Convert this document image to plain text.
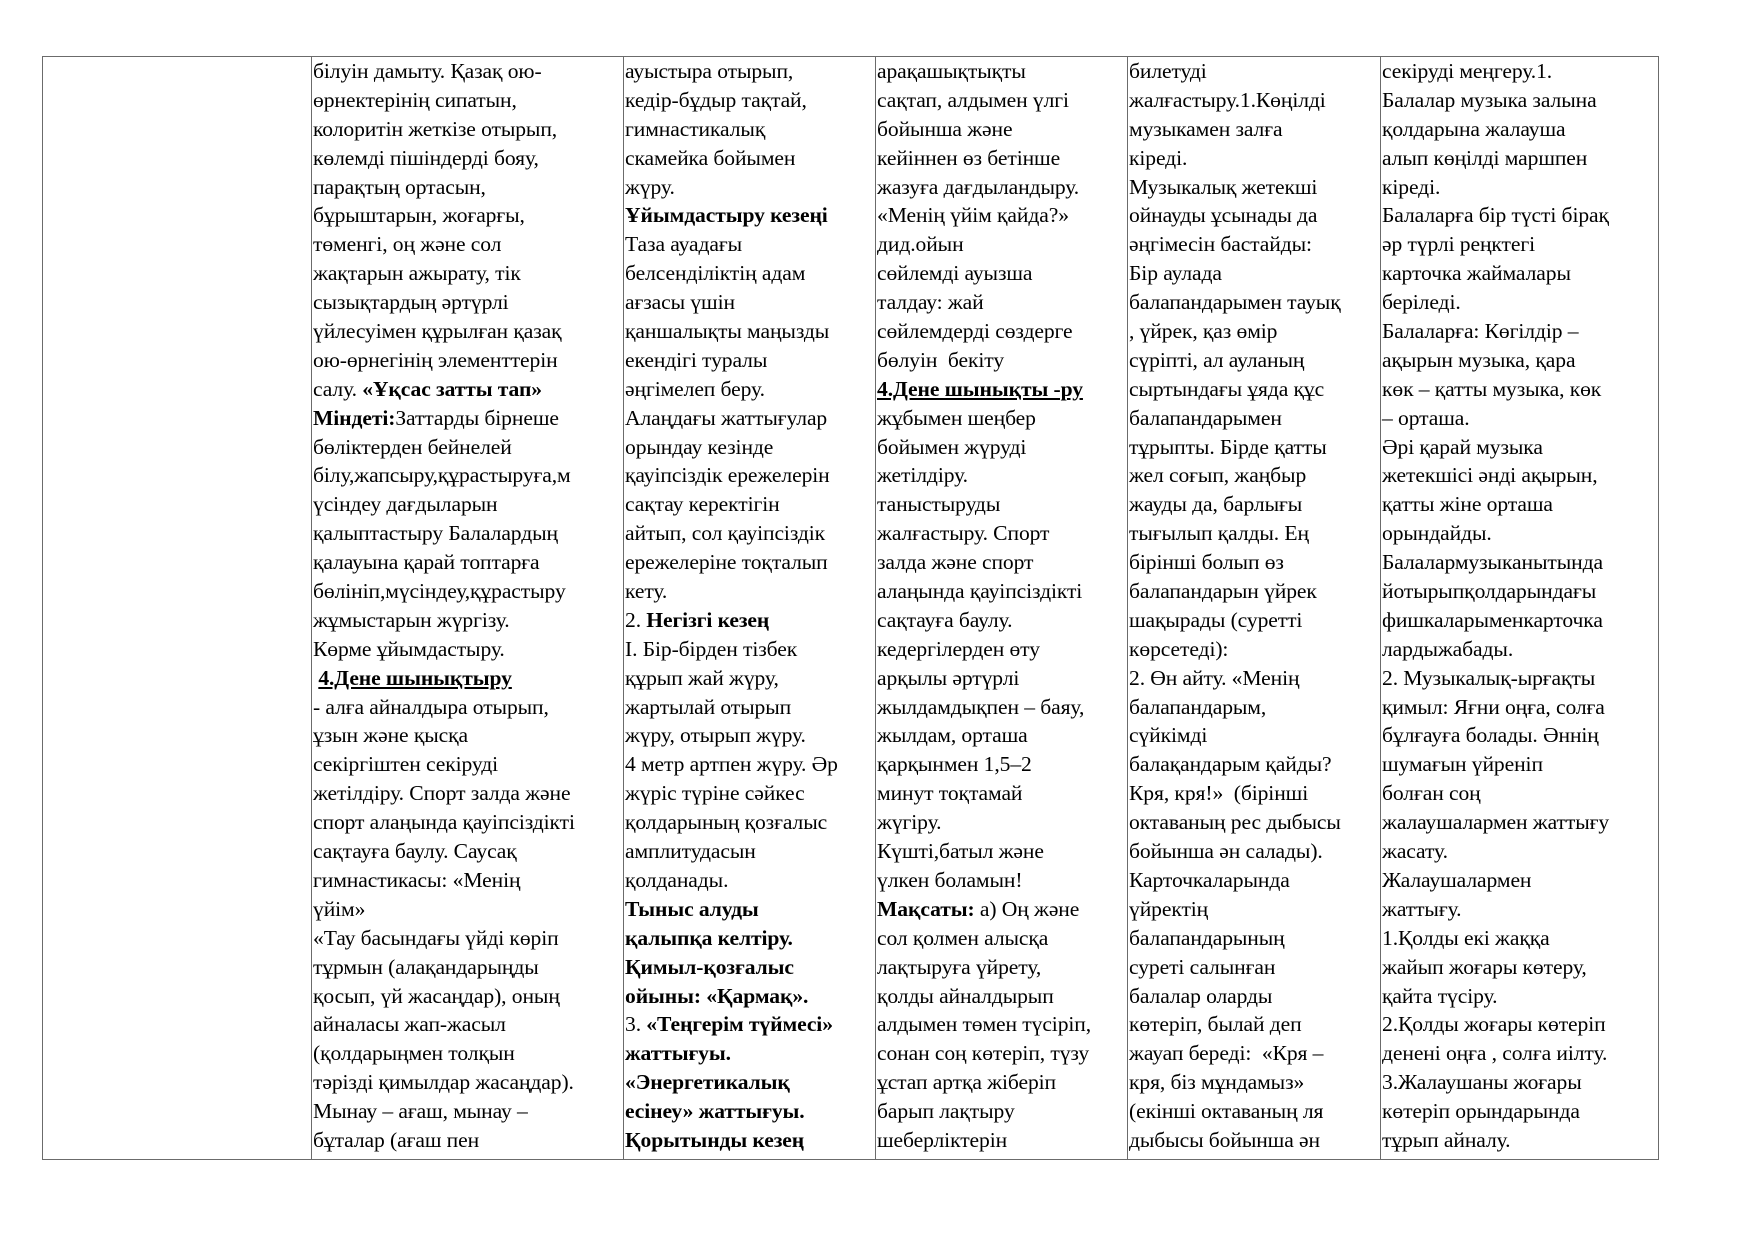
білуін дамыту. Қазақ ою-
өрнектерінің сипатын,
колоритін жеткізе отырып,
көлемді пішіндерді бояу,
парақтың ортасын,
бұрыштарын, жоғарғы,
төменгі, оң және сол
жақтарын ажырату, тік
сызықтардың әртүрлі
үйлесуімен құрылған қазақ
ою-өрнегінің элементтерін
салу. «Ұқсас затты тап»
Міндеті:Заттарды бірнеше
бөліктерден бейнелей
білу,жапсыру,құрастыруға,м
үсіндеу дағдыларын
қалыптастыру Балалардың
қалауына қарай топтарға
бөлініп,мүсіндеу,құрастыру
жұмыстарын жүргізу.
Көрме ұйымдастыру.
4.Дене шынықтыру
- алға айналдыра отырып,
ұзын және қысқа
секіргіштен секіруді
жетілдіру. Спорт залда және
спорт алаңында қауіпсіздікті
сақтауға баулу. Саусақ
гимнастикасы: «Менің
үйім»
«Тау басындағы үйді көріп
тұрмын (алақандарыңды
қосып, үй жасаңдар), оның
айналасы жап-жасыл
(қолдарыңмен толқын
тәрізді қимылдар жасаңдар).
Мынау – ағаш, мынау –
бұталар (ағаш пен
ауыстыра отырып,
кедір-бұдыр тақтай,
гимнастикалық
скамейка бойымен
жүру.
Ұйымдастыру кезеңі
Таза ауадағы
белсенділіктің адам
ағзасы үшін
қаншалықты маңызды
екендігі туралы
әңгімелеп беру.
Алаңдағы жаттығулар
орындау кезінде
қауіпсіздік ережелерін
сақтау керектігін
айтып, сол қауіпсіздік
ережелеріне тоқталып
кету.
2. Негізгі кезең
І. Бір-бірден тізбек
құрып жай жүру,
жартылай отырып
жүру, отырып жүру.
4 метр артпен жүру. Әр
жүріс түріне сәйкес
қолдарының қозғалыс
амплитудасын
қолданады.
Тыныс алуды
қалыпқа келтіру.
Қимыл-қозғалыс
ойыны: «Қармақ».
3. «Теңгерім түймесі»
жаттығуы.
«Энергетикалық
есінеу» жаттығуы.
Қорытынды кезең
арақашықтықты
сақтап, алдымен үлгі
бойынша және
кейіннен өз бетінше
жазуға дағдыландыру.
«Менің үйім қайда?»
дид.ойын
сөйлемді ауызша
талдау: жай
сөйлемдерді сөздерге
бөлуін  бекіту
4.Дене шынықты -ру
жұбымен шеңбер
бойымен жүруді
жетілдіру.
таныстыруды
жалғастыру. Спорт
залда және спорт
алаңында қауіпсіздікті
сақтауға баулу.
кедергілерден өту
арқылы әртүрлі
жылдамдықпен – баяу,
жылдам, орташа
қарқынмен 1,5–2
минут тоқтамай
жүгіру.
Күшті,батыл және
үлкен боламын!
Мақсаты: а) Оң және
сол қолмен алысқа
лақтыруға үйрету,
қолды айналдырып
алдымен төмен түсіріп,
сонан соң көтеріп, түзу
ұстап артқа жіберіп
барып лақтыру
шеберліктерін
билетуді
жалғастыру.1.Көңілді
музыкамен залға
кіреді.
Музыкалық жетекші
ойнауды ұсынады да
әңгімесін бастайды:
Бір аулада
балапандарымен тауық
, үйрек, қаз өмір
сүріпті, ал ауланың
сыртындағы ұяда құс
балапандарымен
тұрыпты. Бірде қатты
жел соғып, жаңбыр
жауды да, барлығы
тығылып қалды. Ең
бірінші болып өз
балапандарын үйрек
шақырады (суретті
көрсетеді):
2. Өн айту. «Менің
балапандарым,
сүйкімді
балақандарым қайды?
Кря, кря!»  (бірінші
октаваның рес дыбысы
бойынша ән салады).
Карточкаларында
үйректің
балапандарының
суреті салынған
балалар оларды
көтеріп, былай деп
жауап береді:  «Кря –
кря, біз мұндамыз»
(екінші октаваның ля
дыбысы бойынша ән
секіруді меңгеру.1.
Балалар музыка залына
қолдарына жалауша
алып көңілді маршпен
кіреді.
Балаларға бір түсті бірақ
әр түрлі реңктегі
карточка жаймалары
беріледі.
Балаларға: Көгілдір –
ақырын музыка, қара
көк – қатты музыка, көк
– орташа.
Әрі қарай музыка
жетекшісі әнді ақырын,
қатты жіне орташа
орындайды.
Балалармузыканытында
йотырыпқолдарындағы
фишкаларыменкарточка
лардыжабады.
2. Музыкалық-ырғақты
қимыл: Яғни оңға, солға
бұлғауға болады. Әннің
шумағын үйреніп
болған соң
жалаушалармен жаттығу
жасату.
Жалаушалармен
жаттығу.
1.Қолды екі жаққа
жайып жоғары көтеру,
қайта түсіру.
2.Қолды жоғары көтеріп
денені оңға , солға иілту.
3.Жалаушаны жоғары
көтеріп орындарында
тұрып айналу.
